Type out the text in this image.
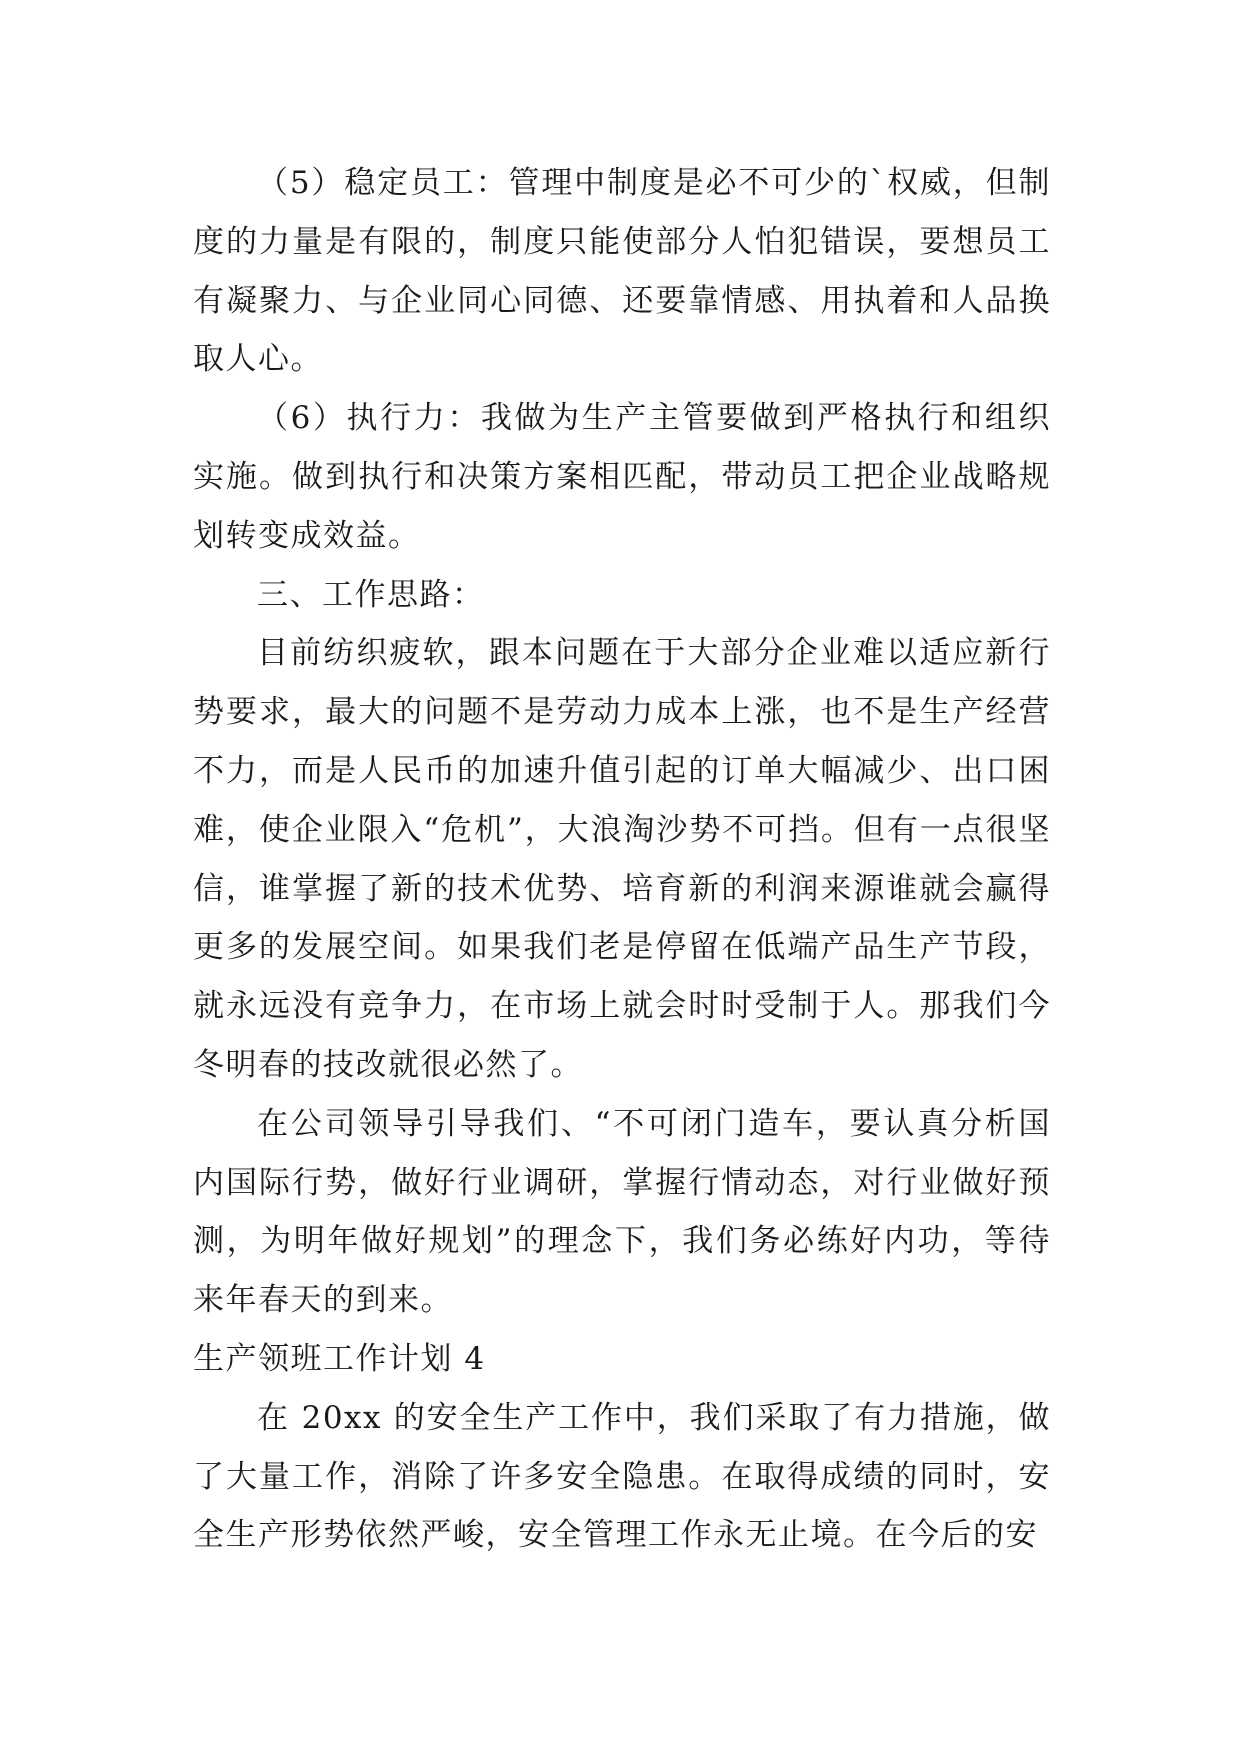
（5）稳定员工：管理中制度是必不可少的`权威，但制度的力量是有限的，制度只能使部分人怕犯错误，要想员工有凝聚力、与企业同心同德、还要靠情感、用执着和人品换取人心。

（6）执行力：我做为生产主管要做到严格执行和组织实施。做到执行和决策方案相匹配，带动员工把企业战略规划转变成效益。

三、工作思路：

目前纺织疲软，跟本问题在于大部分企业难以适应新行势要求，最大的问题不是劳动力成本上涨，也不是生产经营不力，而是人民币的加速升值引起的订单大幅减少、出口困难，使企业限入“危机”，大浪淘沙势不可挡。但有一点很坚信，谁掌握了新的技术优势、培育新的利润来源谁就会赢得更多的发展空间。如果我们老是停留在低端产品生产节段，就永远没有竞争力，在市场上就会时时受制于人。那我们今冬明春的技改就很必然了。

在公司领导引导我们、“不可闭门造车，要认真分析国内国际行势，做好行业调研，掌握行情动态，对行业做好预测，为明年做好规划”的理念下，我们务必练好内功，等待来年春天的到来。

生产领班工作计划 4

在 20xx 的安全生产工作中，我们采取了有力措施，做了大量工作，消除了许多安全隐患。在取得成绩的同时，安全生产形势依然严峻，安全管理工作永无止境。在今后的安
